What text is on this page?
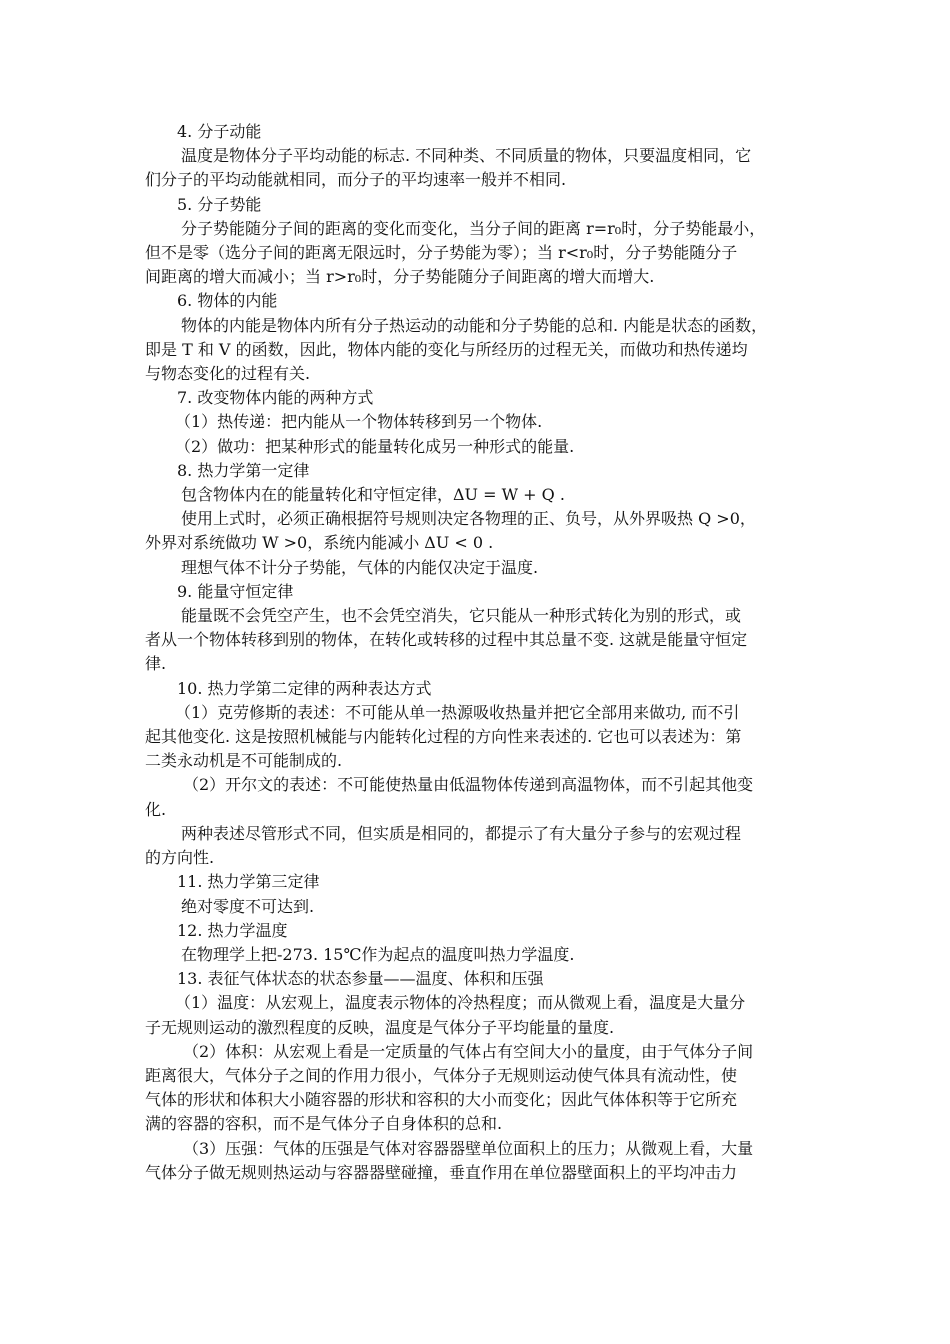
4. 分子动能

温度是物体分子平均动能的标志. 不同种类、不同质量的物体，只要温度相同，它

们分子的平均动能就相同，而分子的平均速率一般并不相同.

5. 分子势能

分子势能随分子间的距离的变化而变化，当分子间的距离 r=r₀时，分子势能最小，

但不是零（选分子间的距离无限远时，分子势能为零）；当 r<r₀时，分子势能随分子

间距离的增大而减小；当 r>r₀时，分子势能随分子间距离的增大而增大.

6. 物体的内能

物体的内能是物体内所有分子热运动的动能和分子势能的总和. 内能是状态的函数，

即是 T 和 V 的函数，因此，物体内能的变化与所经历的过程无关，而做功和热传递均

与物态变化的过程有关.

7. 改变物体内能的两种方式

（1）热传递：把内能从一个物体转移到另一个物体.

（2）做功：把某种形式的能量转化成另一种形式的能量.

8. 热力学第一定律

包含物体内在的能量转化和守恒定律，ΔU = W + Q .

使用上式时，必须正确根据符号规则决定各物理的正、负号，从外界吸热 Q >0，

外界对系统做功 W >0，系统内能减小 ΔU < 0 .

理想气体不计分子势能，气体的内能仅决定于温度.

9. 能量守恒定律

能量既不会凭空产生，也不会凭空消失，它只能从一种形式转化为别的形式，或

者从一个物体转移到别的物体，在转化或转移的过程中其总量不变. 这就是能量守恒定

律.

10. 热力学第二定律的两种表达方式

（1）克劳修斯的表述：不可能从单一热源吸收热量并把它全部用来做功, 而不引

起其他变化. 这是按照机械能与内能转化过程的方向性来表述的. 它也可以表述为：第

二类永动机是不可能制成的.

（2）开尔文的表述：不可能使热量由低温物体传递到高温物体，而不引起其他变

化.

两种表述尽管形式不同，但实质是相同的，都提示了有大量分子参与的宏观过程

的方向性.

11. 热力学第三定律

绝对零度不可达到.

12. 热力学温度

在物理学上把-273. 15℃作为起点的温度叫热力学温度.

13. 表征气体状态的状态参量——温度、体积和压强

（1）温度：从宏观上，温度表示物体的冷热程度；而从微观上看，温度是大量分

子无规则运动的激烈程度的反映，温度是气体分子平均能量的量度.

（2）体积：从宏观上看是一定质量的气体占有空间大小的量度，由于气体分子间

距离很大，气体分子之间的作用力很小，气体分子无规则运动使气体具有流动性，使

气体的形状和体积大小随容器的形状和容积的大小而变化；因此气体体积等于它所充

满的容器的容积，而不是气体分子自身体积的总和.

（3）压强：气体的压强是气体对容器器壁单位面积上的压力；从微观上看，大量

气体分子做无规则热运动与容器器壁碰撞，垂直作用在单位器壁面积上的平均冲击力
